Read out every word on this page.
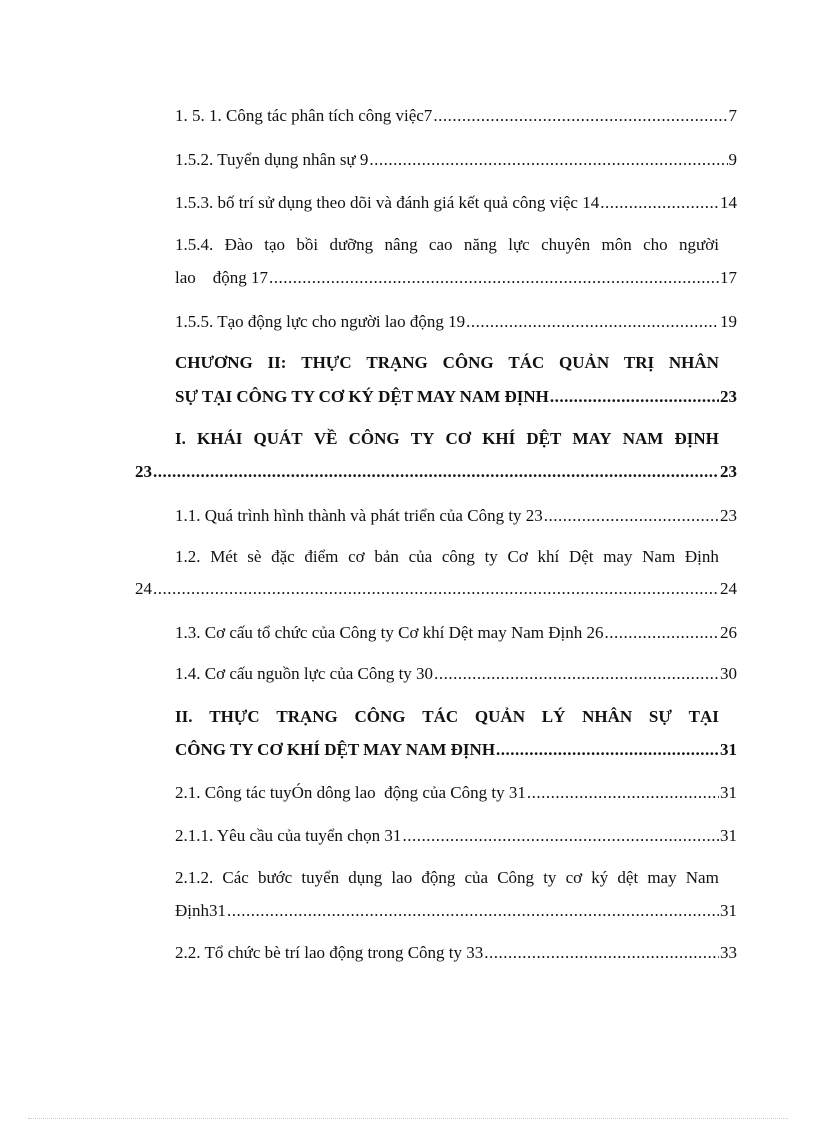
1. 5. 1. Công tác phân tích công việc7 .....	7
1.5.2. Tuyển dụng nhân sự 9 .....	9
1.5.3. bố trí sử dụng theo dõi và đánh giá kết quả công việc 14 .....	14
1.5.4. Đào tạo bồi dưỡng nâng cao năng lực chuyên môn cho người
lao    động 17 .....	17
1.5.5. Tạo động lực cho người lao động 19 .....	19
CHƯƠNG II: THỰC TRẠNG CÔNG TÁC QUẢN TRỊ NHÂN
SỰ TẠI CÔNG TY CƠ KÝ DỆT MAY NAM ĐỊNH .....	23
I. KHÁI QUÁT VỀ CÔNG TY CƠ KHÍ DỆT MAY NAM ĐỊNH
23 .....	23
1.1. Quá trình hình thành và phát triển của Công ty 23 .....	23
1.2. Mét sè đặc điểm cơ bản của công ty Cơ khí Dệt may Nam Định
24 .....	24
1.3. Cơ cấu tổ chức của Công ty Cơ khí Dệt may Nam Định 26 .....	26
1.4. Cơ cấu nguồn lực của Công ty 30 .....	30
II. THỰC TRẠNG CÔNG TÁC QUẢN LÝ NHÂN SỰ TẠI
CÔNG TY CƠ KHÍ DỆT MAY NAM ĐỊNH .....	31
2.1. Công tác tuyÓn dông lao  động của Công ty 31 .....	31
2.1.1. Yêu cầu của tuyển chọn 31 .....	31
2.1.2. Các bước tuyển dụng lao động của Công ty cơ ký dệt may Nam
Định31 .....	31
2.2. Tổ chức bè trí lao động trong Công ty 33 .....	33
